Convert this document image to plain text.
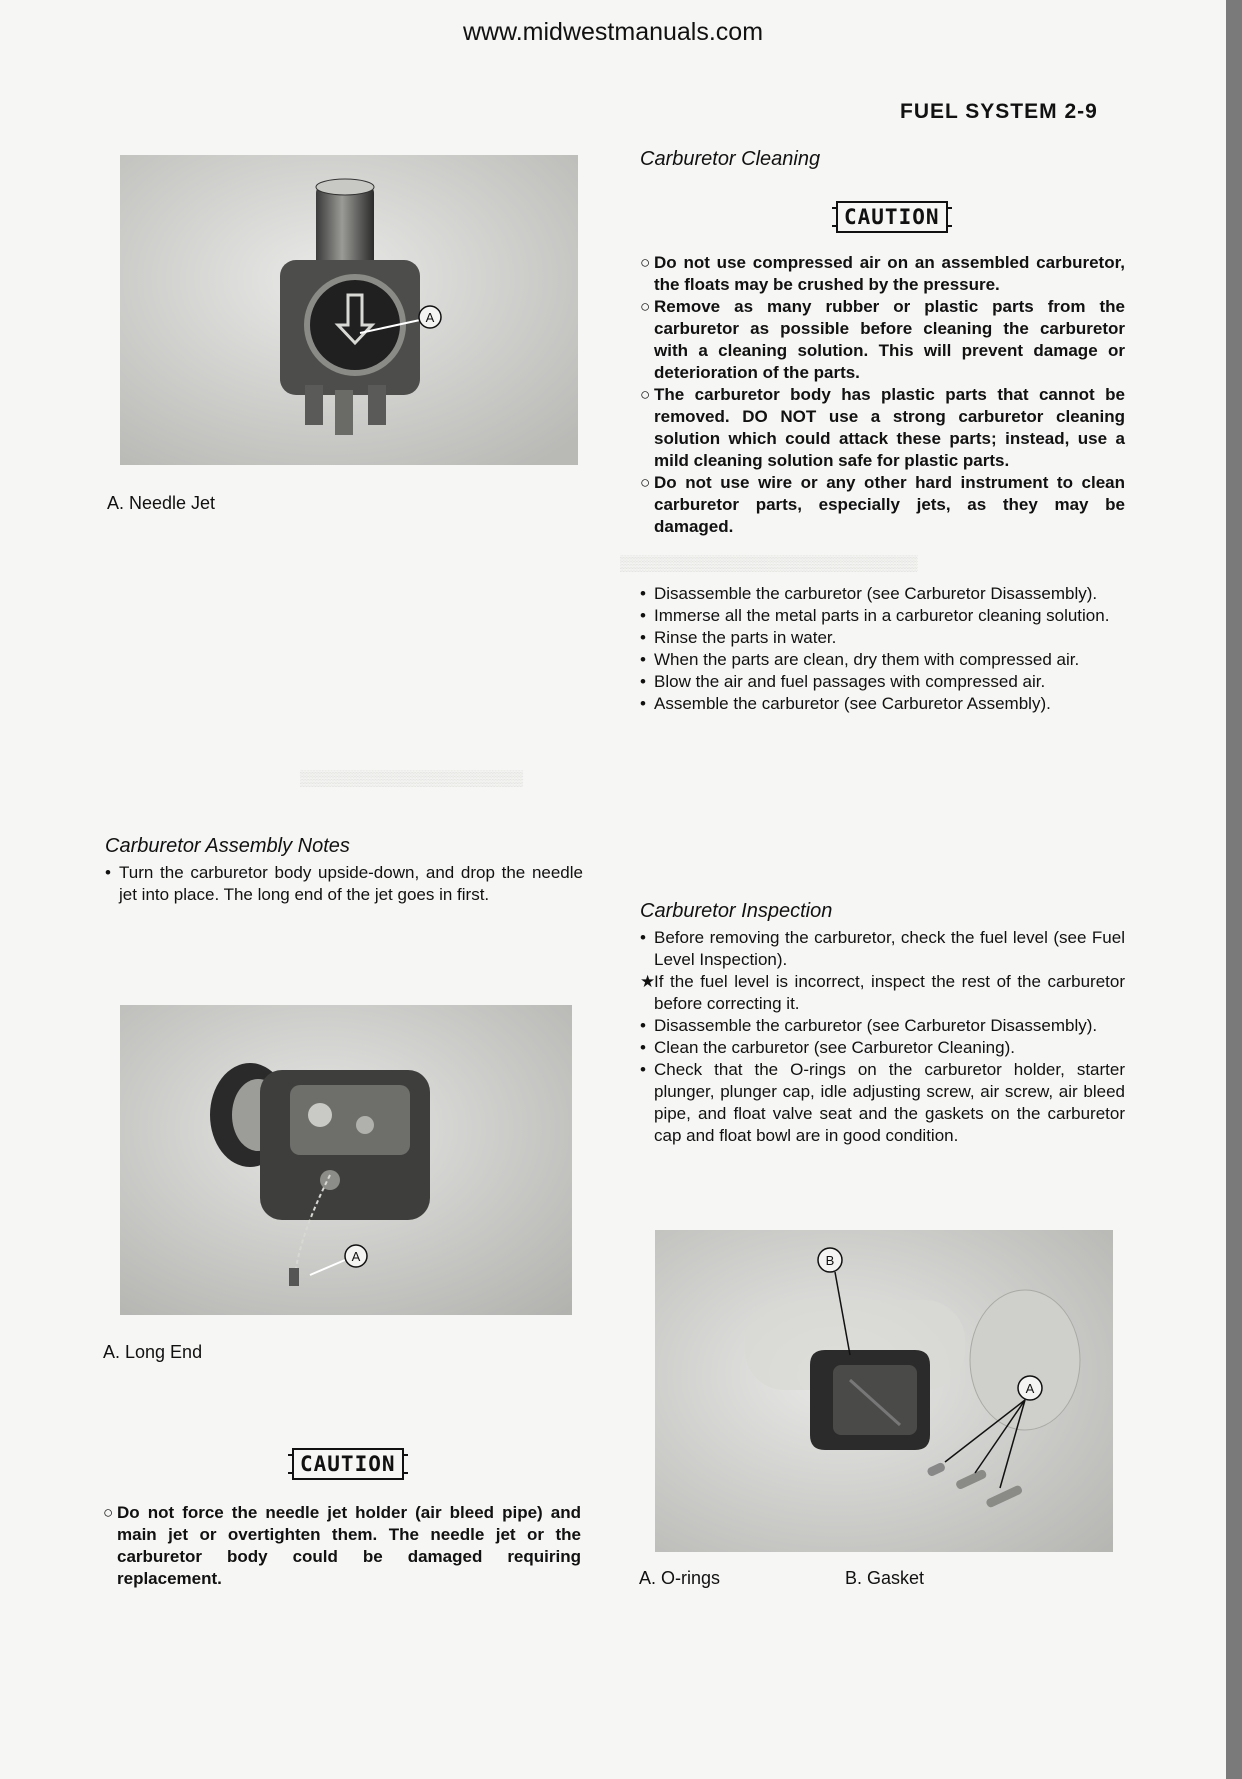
www.midwestmanuals.com
FUEL SYSTEM 2-9
▒▒▒▒▒▒▒▒▒▒▒▒▒▒▒▒▒▒▒▒▒▒▒▒▒▒▒▒
▒▒▒▒▒▒▒▒▒▒▒▒▒▒▒▒▒▒▒▒▒
A
A. Needle Jet
Carburetor Assembly Notes
• Turn the carburetor body upside-down, and drop the needle jet into place. The long end of the jet goes in first.
A
A. Long End
CAUTION
○ Do not force the needle jet holder (air bleed pipe) and main jet or overtighten them. The needle jet or the carburetor body could be damaged requiring replacement.
Carburetor Cleaning
CAUTION
○ Do not use compressed air on an assembled carburetor, the floats may be crushed by the pressure.
○ Remove as many rubber or plastic parts from the carburetor as possible before cleaning the carburetor with a cleaning solution. This will prevent damage or deterioration of the parts.
○ The carburetor body has plastic parts that cannot be removed. DO NOT use a strong carburetor cleaning solution which could attack these parts; instead, use a mild cleaning solution safe for plastic parts.
○ Do not use wire or any other hard instrument to clean carburetor parts, especially jets, as they may be damaged.
• Disassemble the carburetor (see Carburetor Disassembly).
• Immerse all the metal parts in a carburetor cleaning solution.
• Rinse the parts in water.
• When the parts are clean, dry them with compressed air.
• Blow the air and fuel passages with compressed air.
• Assemble the carburetor (see Carburetor Assembly).
Carburetor Inspection
• Before removing the carburetor, check the fuel level (see Fuel Level Inspection).
★
If the fuel level is incorrect, inspect the rest of the carburetor before correcting it.
• Disassemble the carburetor (see Carburetor Disassembly).
• Clean the carburetor (see Carburetor Cleaning).
• Check that the O-rings on the carburetor holder, starter plunger, plunger cap, idle adjusting screw, air screw, air bleed pipe, and float valve seat and the gaskets on the carburetor cap and float bowl are in good condition.
B
A
A. O-rings	B. Gasket
